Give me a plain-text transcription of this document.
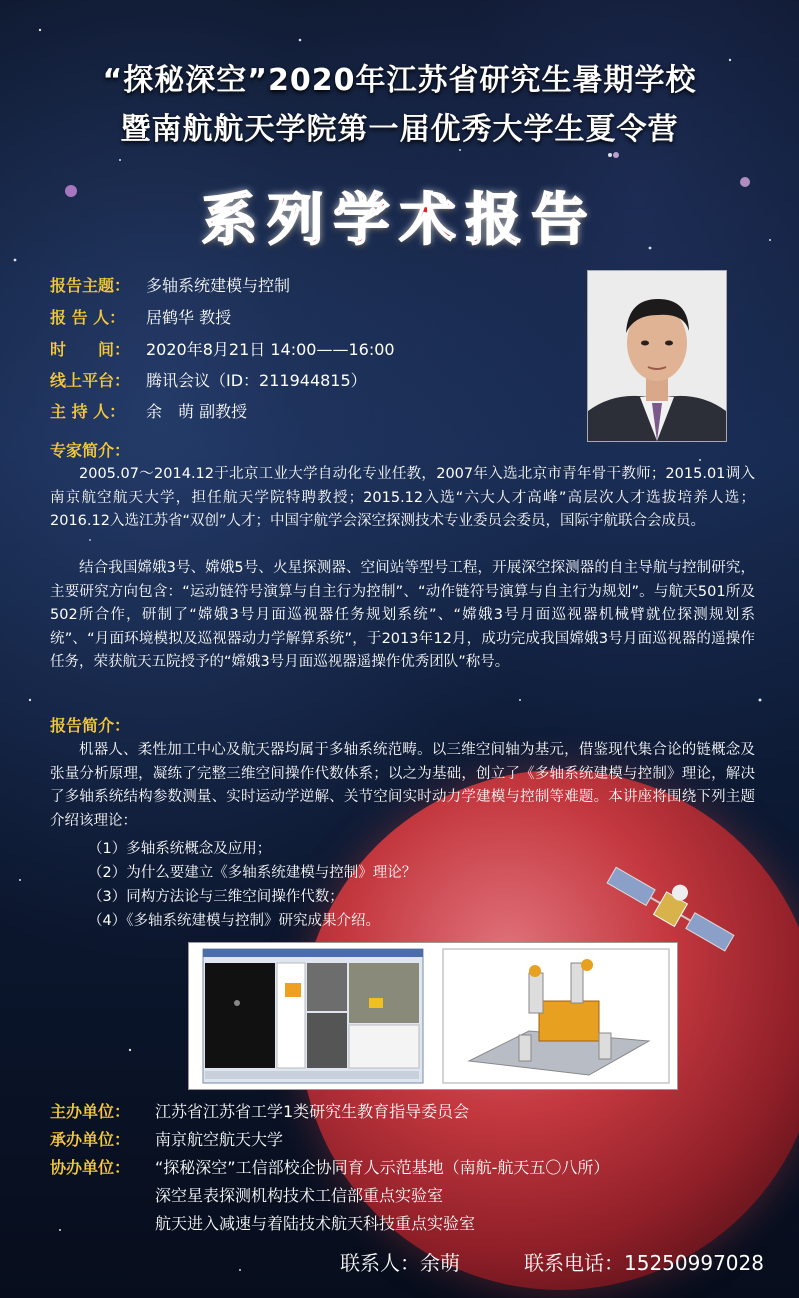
“探秘深空”2020年江苏省研究生暑期学校
暨南航航天学院第一届优秀大学生夏令营
系列学术报告
报告主题： 多轴系统建模与控制
报 告 人： 居鹤华 教授
时　　间： 2020年8月21日 14:00——16:00
线上平台： 腾讯会议（ID：211944815）
主 持 人： 余　萌 副教授
专家简介：

2005.07～2014.12于北京工业大学自动化专业任教，2007年入选北京市青年骨干教师；2015.01调入南京航空航天大学，担任航天学院特聘教授；2015.12入选“六大人才高峰”高层次人才选拔培养人选；2016.12入选江苏省“双创”人才；中国宇航学会深空探测技术专业委员会委员，国际宇航联合会成员。

结合我国嫦娥3号、嫦娥5号、火星探测器、空间站等型号工程，开展深空探测器的自主导航与控制研究，主要研究方向包含：“运动链符号演算与自主行为控制”、“动作链符号演算与自主行为规划”。与航天501所及502所合作，研制了“嫦娥3号月面巡视器任务规划系统”、“嫦娥3号月面巡视器机械臂就位探测规划系统”、“月面环境模拟及巡视器动力学解算系统”，于2013年12月，成功完成我国嫦娥3号月面巡视器的遥操作任务，荣获航天五院授予的“嫦娥3号月面巡视器遥操作优秀团队”称号。

报告简介：

机器人、柔性加工中心及航天器均属于多轴系统范畴。以三维空间轴为基元，借鉴现代集合论的链概念及张量分析原理，凝练了完整三维空间操作代数体系；以之为基础，创立了《多轴系统建模与控制》理论，解决了多轴系统结构参数测量、实时运动学逆解、关节空间实时动力学建模与控制等难题。本讲座将围绕下列主题介绍该理论：

（1）多轴系统概念及应用；
（2）为什么要建立《多轴系统建模与控制》理论？
（3）同构方法论与三维空间操作代数；
（4）《多轴系统建模与控制》研究成果介绍。
主办单位： 江苏省江苏省工学1类研究生教育指导委员会
承办单位： 南京航空航天大学
协办单位： “探秘深空”工信部校企协同育人示范基地（南航-航天五〇八所）
深空星表探测机构技术工信部重点实验室
航天进入减速与着陆技术航天科技重点实验室
联系人：余萌	联系电话：15250997028
